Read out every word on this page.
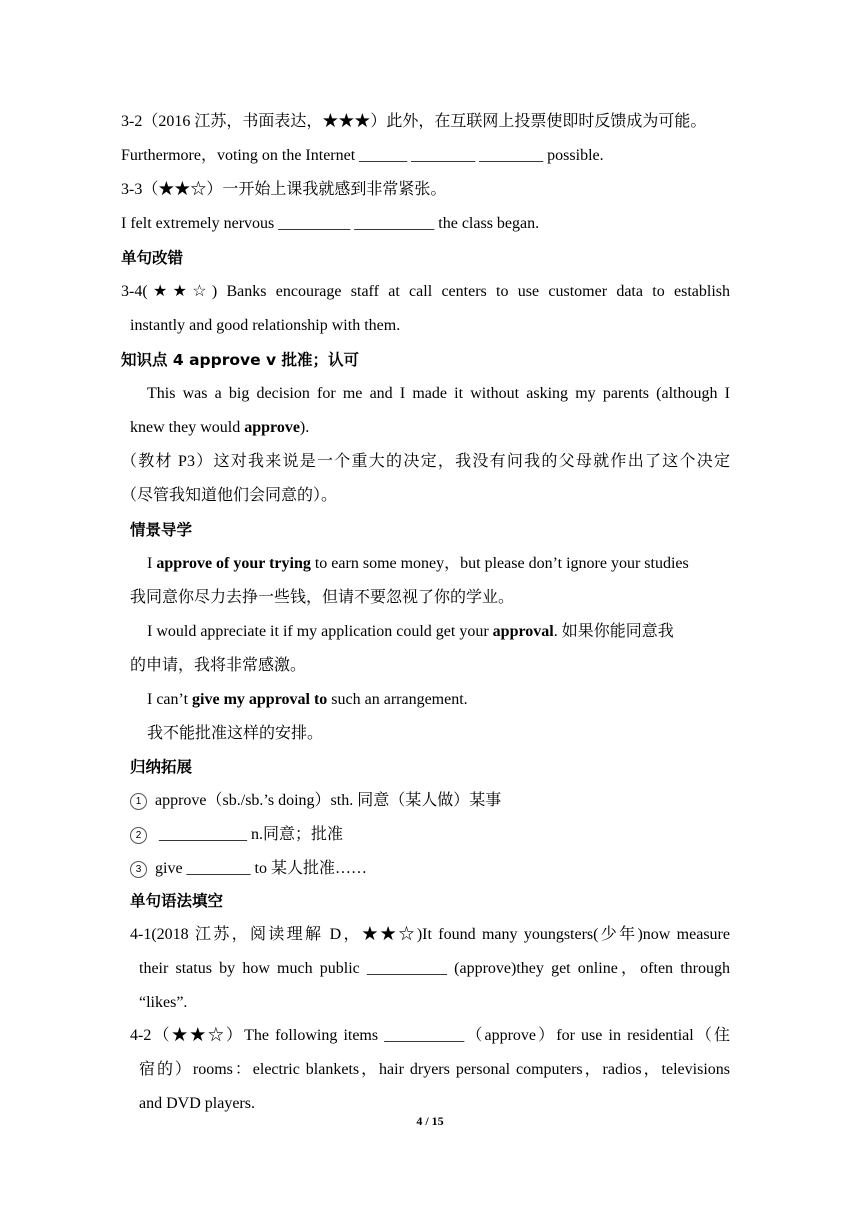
3-2（2016 江苏，书面表达，★★★）此外，在互联网上投票使即时反馈成为可能。
Furthermore，voting on the Internet ______ ________ ________ possible.
3-3（★★☆）一开始上课我就感到非常紧张。
I felt extremely nervous _________ __________ the class began.
单句改错
3-4(★★☆) Banks encourage staff at call centers to use customer data to establish
instantly and good relationship with them.
知识点 4 approve v 批准；认可
This was a big decision for me and I made it without asking my parents (although I
knew they would approve).
（教材 P3）这对我来说是一个重大的决定，我没有问我的父母就作出了这个决定
（尽管我知道他们会同意的）。
情景导学
I approve of your trying to earn some money，but please don’t ignore your studies
我同意你尽力去挣一些钱，但请不要忽视了你的学业。
I would appreciate it if my application could get your approval. 如果你能同意我
的申请，我将非常感激。
I can’t give my approval to such an arrangement.
我不能批准这样的安排。
归纳拓展
1 approve（sb./sb.’s doing）sth. 同意（某人做）某事
2 ___________ n.同意；批准
3 give ________ to 某人批准……
单句语法填空
4-1(2018 江苏，阅读理解 D，★★☆)It found many youngsters(少年)now measure
their status by how much public __________ (approve)they get online，often through
“likes”.
4-2（★★☆）The following items __________（approve）for use in residential（住
宿的）rooms：electric blankets，hair dryers personal computers，radios，televisions
and DVD players.
4 / 15
